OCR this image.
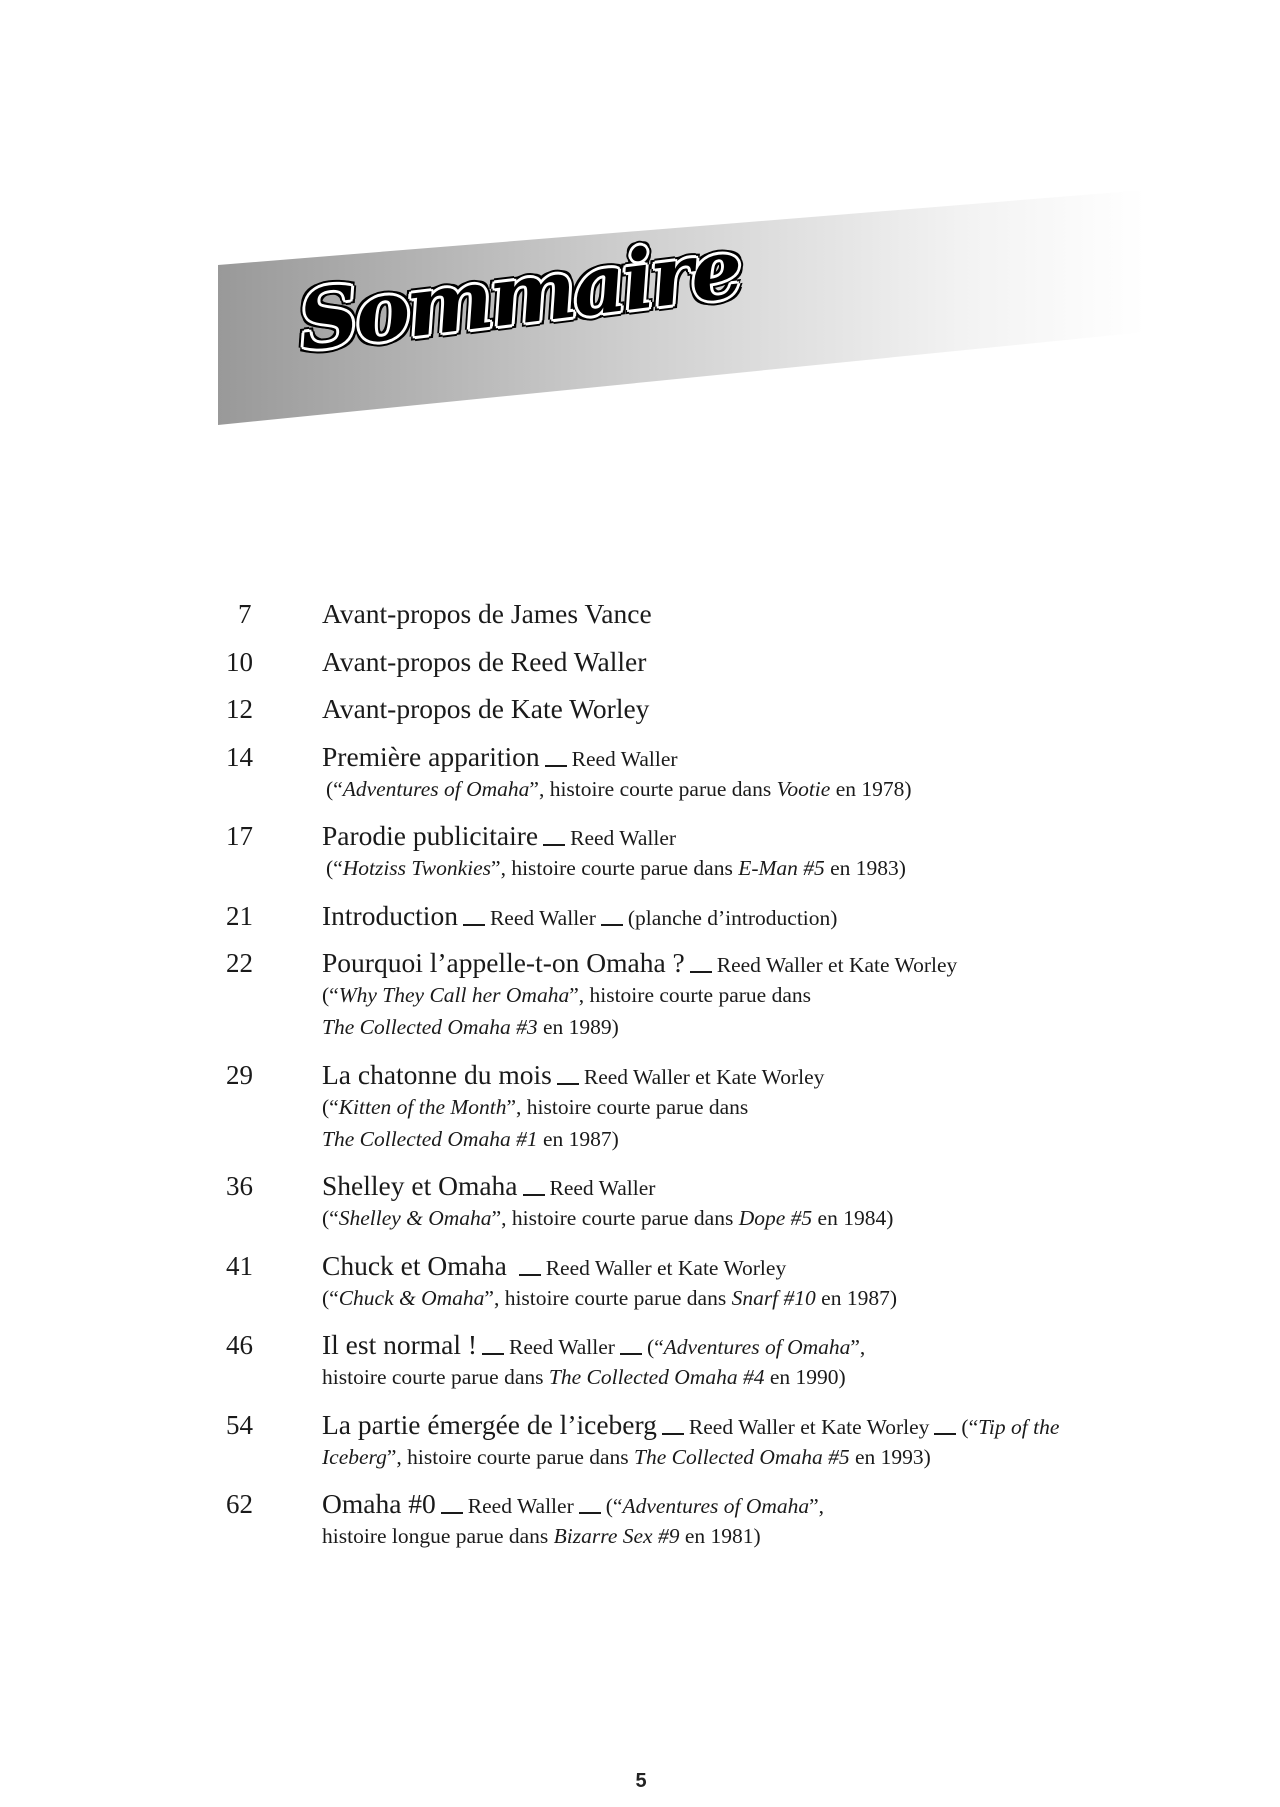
Sommaire
7	Avant-propos de James Vance
10	Avant-propos de Reed Waller
12	Avant-propos de Kate Worley
14	Première apparition Reed Waller
(“Adventures of Omaha”, histoire courte parue dans Vootie en 1978)
17	Parodie publicitaire Reed Waller
(“Hotziss Twonkies”, histoire courte parue dans E-Man #5 en 1983)
21	Introduction Reed Waller (planche d’introduction)
22	Pourquoi l’appelle-t-on Omaha ? Reed Waller et Kate Worley
(“Why They Call her Omaha”, histoire courte parue dans
The Collected Omaha #3 en 1989)
29	La chatonne du mois Reed Waller et Kate Worley
(“Kitten of the Month”, histoire courte parue dans
The Collected Omaha #1 en 1987)
36	Shelley et Omaha Reed Waller
(“Shelley & Omaha”, histoire courte parue dans Dope #5 en 1984)
41	Chuck et Omaha Reed Waller et Kate Worley
(“Chuck & Omaha”, histoire courte parue dans Snarf #10 en 1987)
46	Il est normal ! Reed Waller (“Adventures of Omaha”,
histoire courte parue dans The Collected Omaha #4 en 1990)
54	La partie émergée de l’iceberg Reed Waller et Kate Worley (“Tip of the
Iceberg”, histoire courte parue dans The Collected Omaha #5 en 1993)
62	Omaha #0 Reed Waller (“Adventures of Omaha”,
histoire longue parue dans Bizarre Sex #9 en 1981)
5
